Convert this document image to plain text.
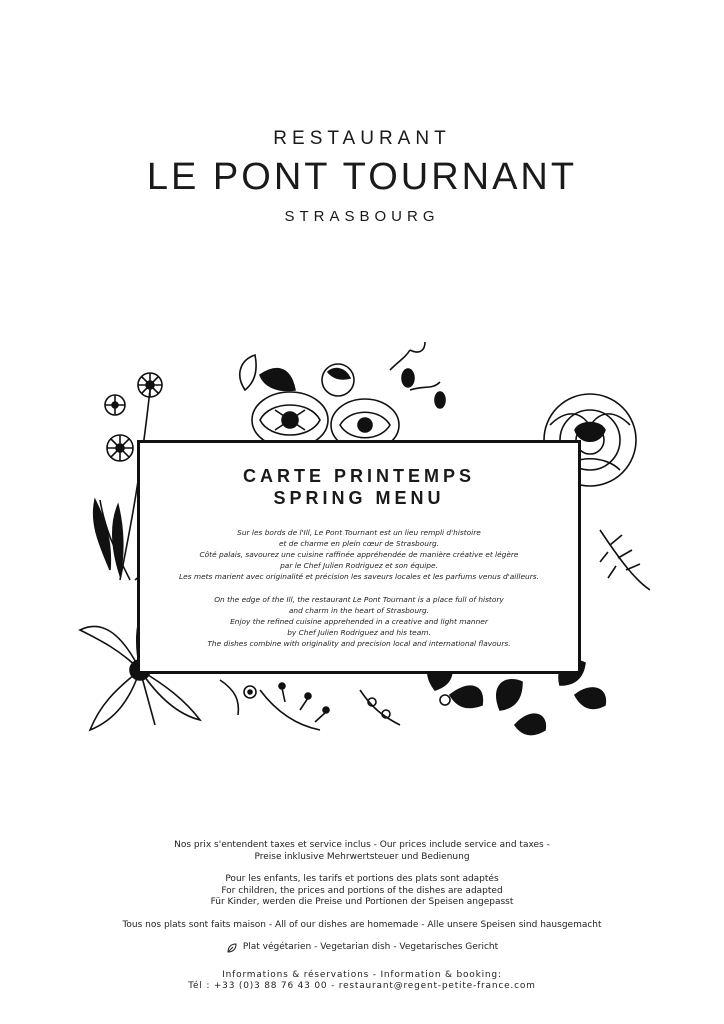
RESTAURANT
LE PONT TOURNANT
STRASBOURG
CARTE PRINTEMPS
SPRING MENU
Sur les bords de l'Ill, Le Pont Tournant est un lieu rempli d'histoire
et de charme en plein cœur de Strasbourg.
Côté palais, savourez une cuisine raffinée appréhendée de manière créative et légère
par le Chef Julien Rodriguez et son équipe.
Les mets marient avec originalité et précision les saveurs locales et les parfums venus d'ailleurs.
On the edge of the Ill, the restaurant Le Pont Tournant is a place full of history
and charm in the heart of Strasbourg.
Enjoy the refined cuisine apprehended in a creative and light manner
by Chef Julien Rodriguez and his team.
The dishes combine with originality and precision local and international flavours.
Nos prix s'entendent taxes et service inclus - Our prices include service and taxes -
Preise inklusive Mehrwertsteuer und Bedienung
Pour les enfants, les tarifs et portions des plats sont adaptés
For children, the prices and portions of the dishes are adapted
Für Kinder, werden die Preise und Portionen der Speisen angepasst
Tous nos plats sont faits maison - All of our dishes are homemade - Alle unsere Speisen sind hausgemacht
Plat végétarien - Vegetarian dish - Vegetarisches Gericht
Informations & réservations - Information & booking:
Tél : +33 (0)3 88 76 43 00 - restaurant@regent-petite-france.com
